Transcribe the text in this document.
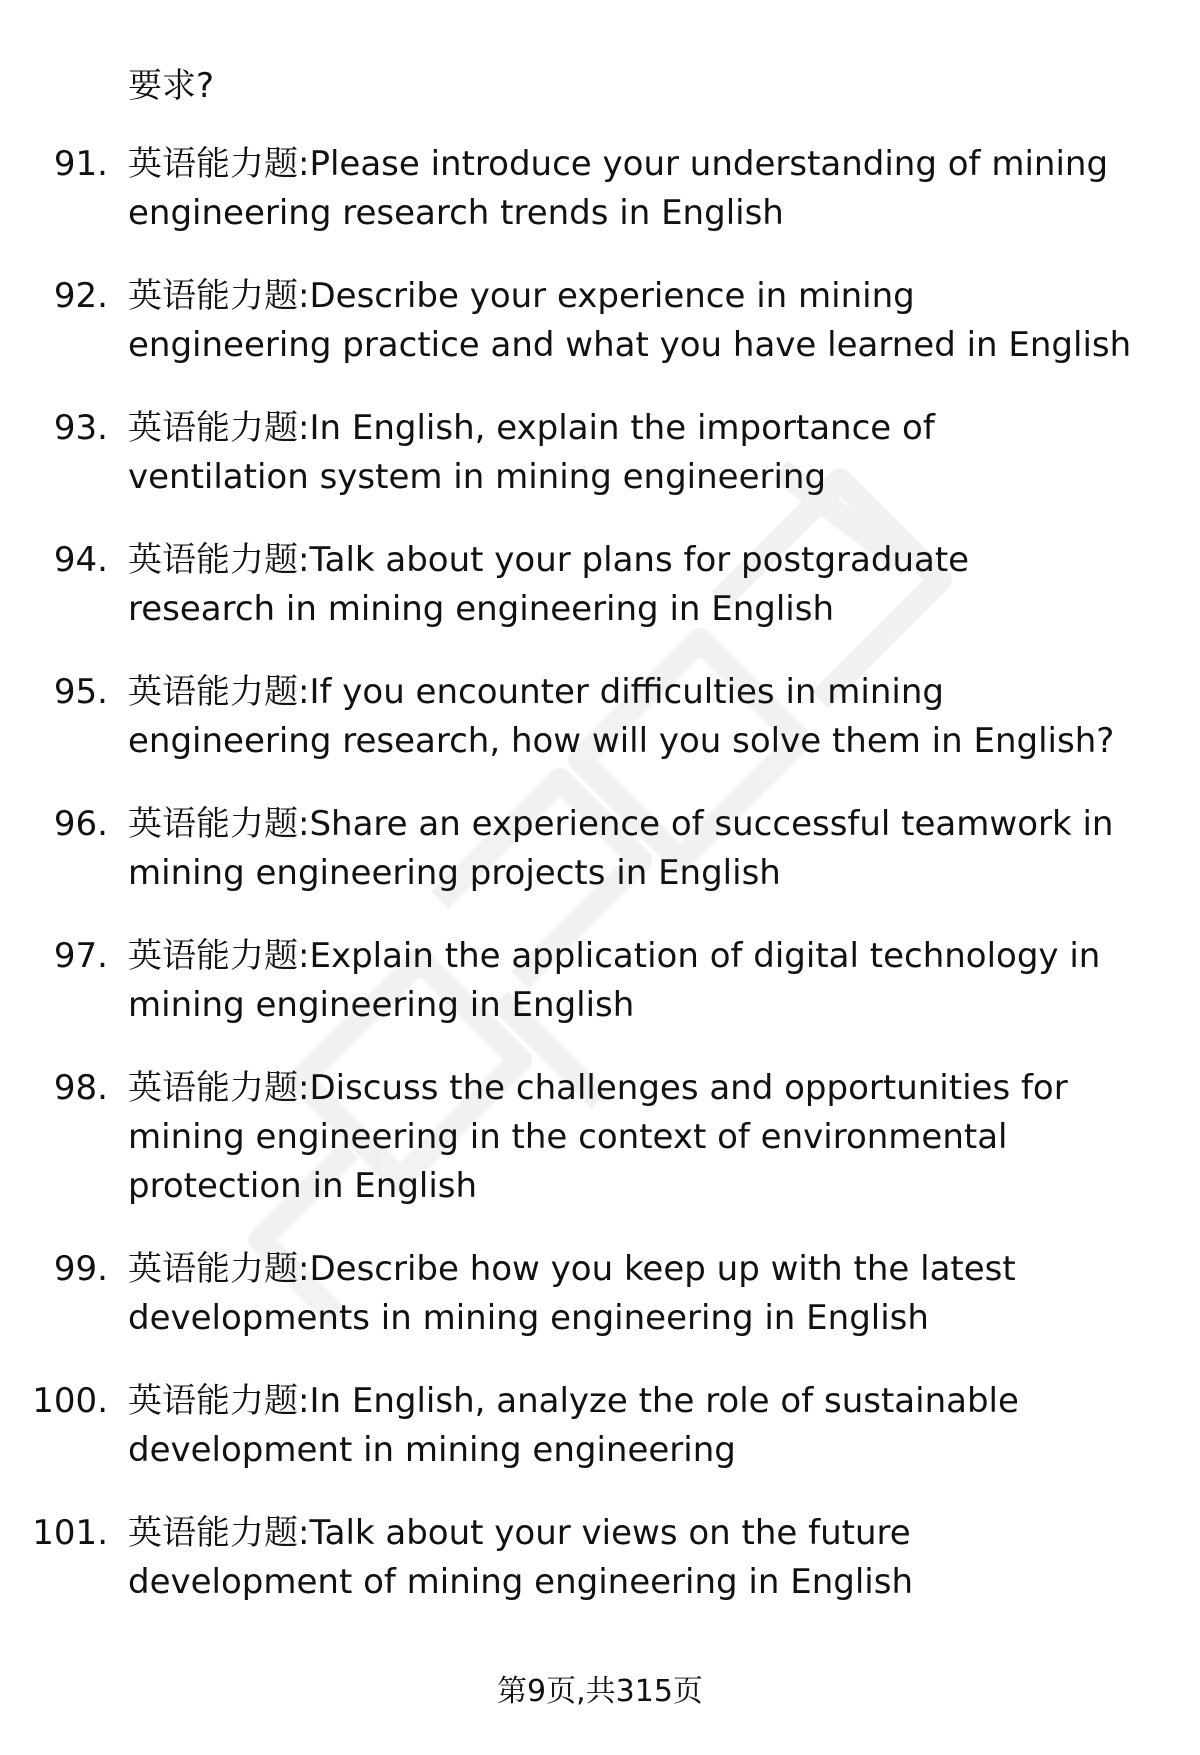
要求?
91. 英语能力题:Please introduce your understanding of mining
engineering research trends in English
92. 英语能力题:Describe your experience in mining
engineering practice and what you have learned in English
93. 英语能力题:In English, explain the importance of
ventilation system in mining engineering
94. 英语能力题:Talk about your plans for postgraduate
research in mining engineering in English
95. 英语能力题:If you encounter difficulties in mining
engineering research, how will you solve them in English?
96. 英语能力题:Share an experience of successful teamwork in
mining engineering projects in English
97. 英语能力题:Explain the application of digital technology in
mining engineering in English
98. 英语能力题:Discuss the challenges and opportunities for
mining engineering in the context of environmental
protection in English
99. 英语能力题:Describe how you keep up with the latest
developments in mining engineering in English
100. 英语能力题:In English, analyze the role of sustainable
development in mining engineering
101. 英语能力题:Talk about your views on the future
development of mining engineering in English
第9页,共315页
